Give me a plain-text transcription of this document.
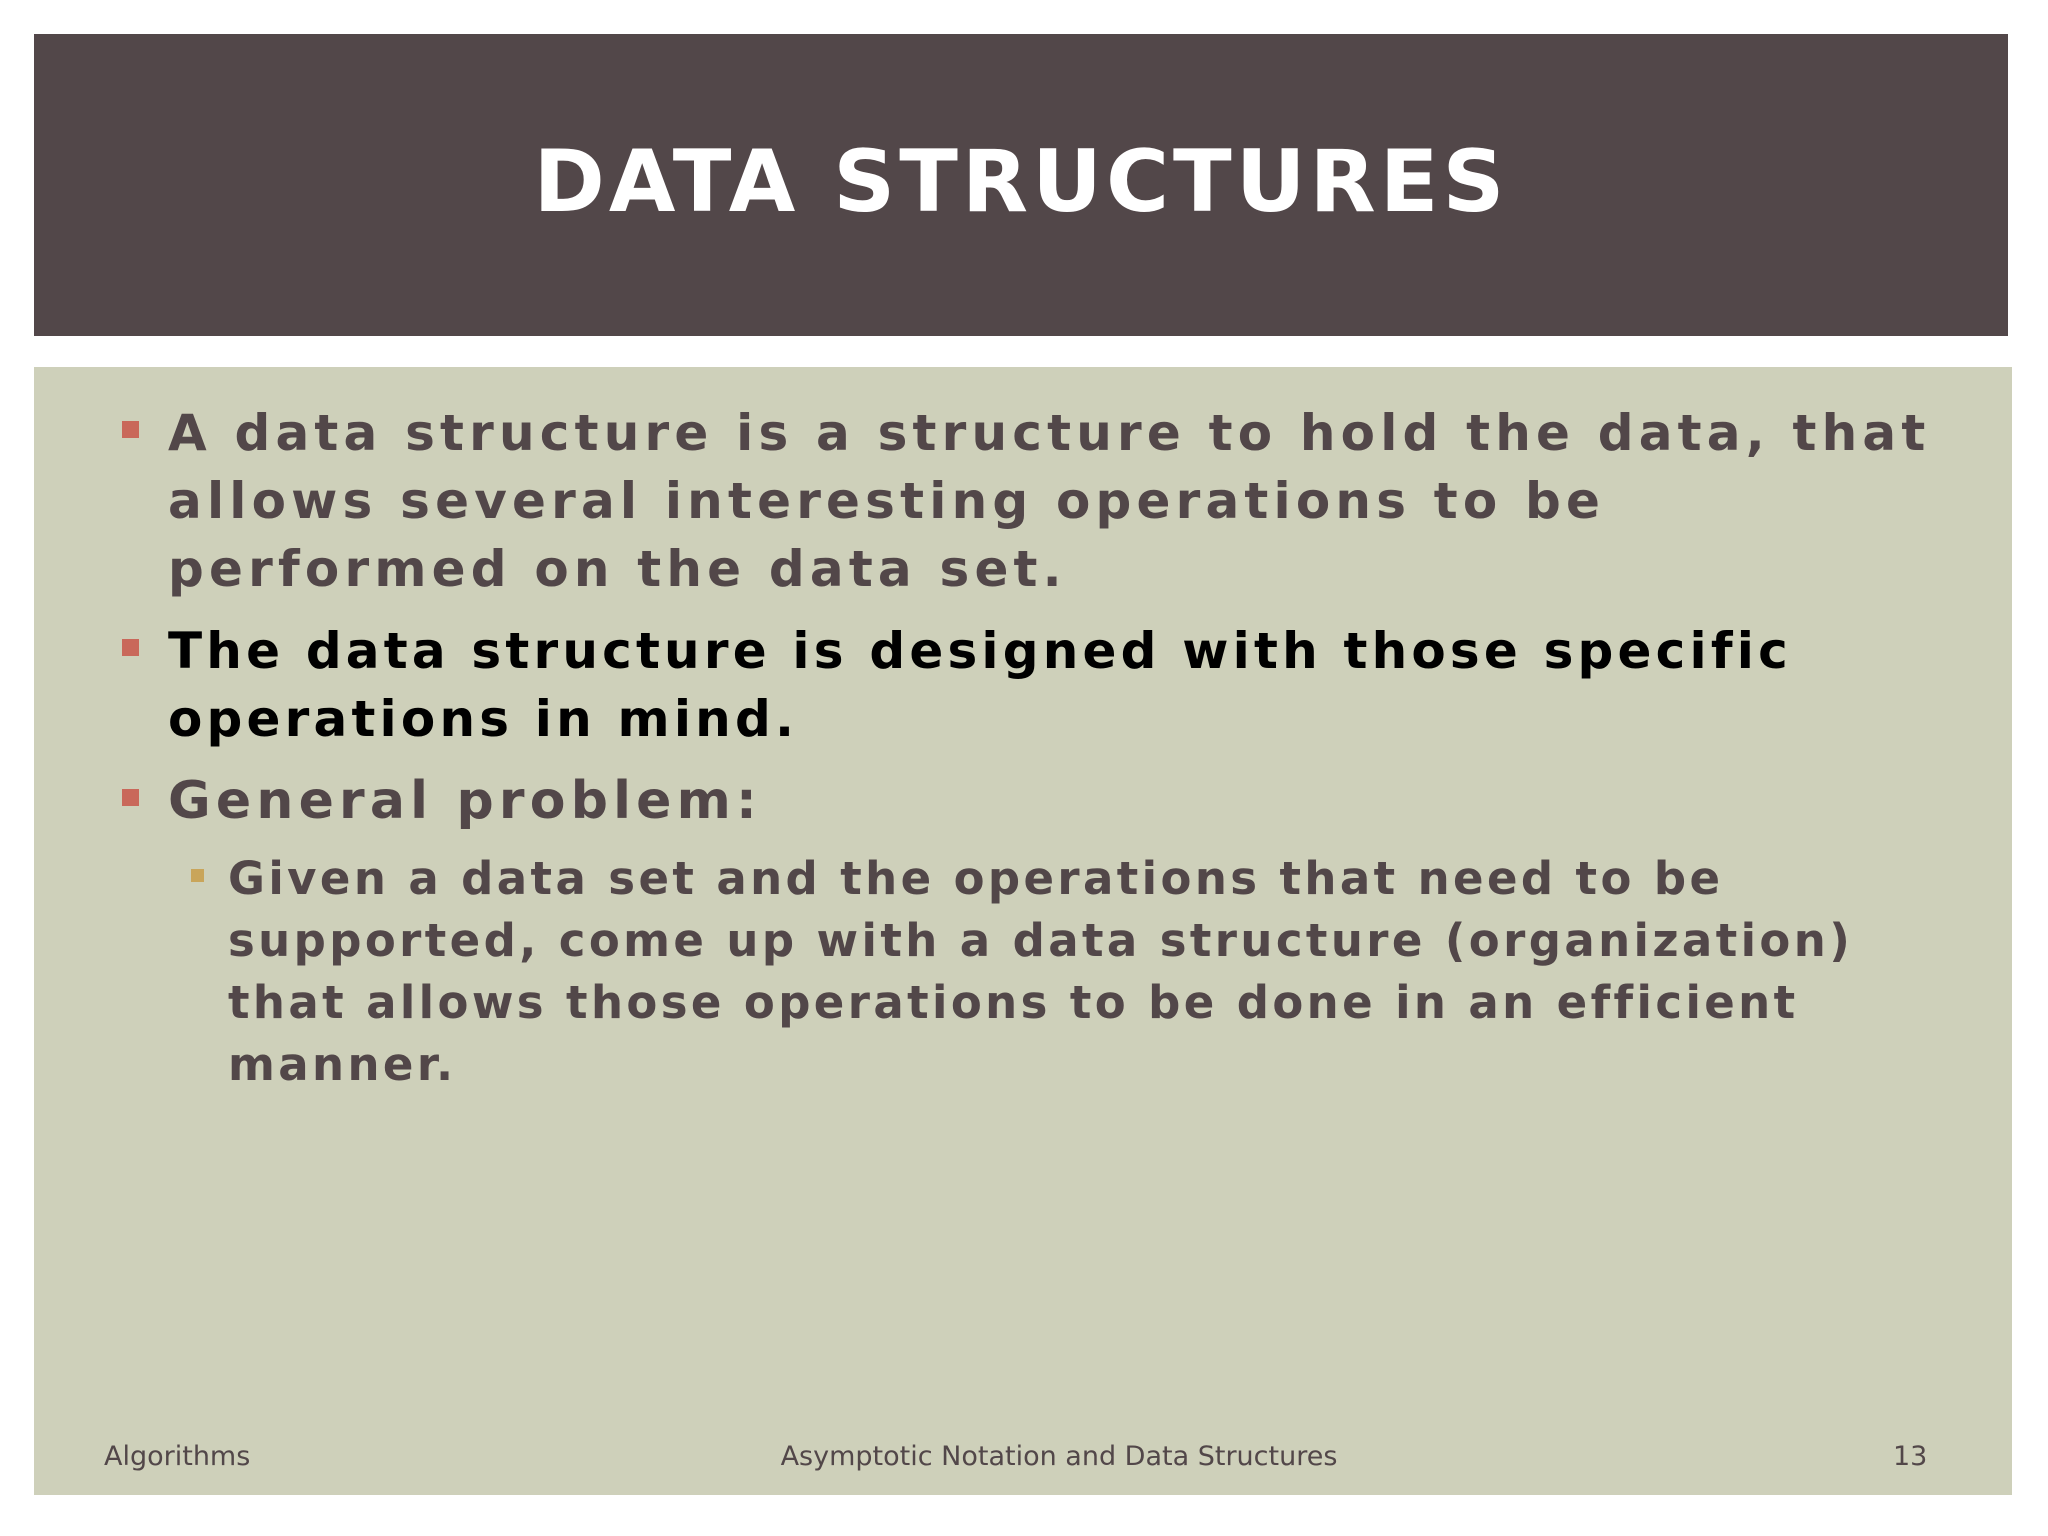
DATA STRUCTURES
A data structure is a structure to hold the data, that allows several interesting operations to be performed on the data set.
The data structure is designed with those specific operations in mind.
General problem:
Given a data set and the operations that need to be supported, come up with a data structure (organization) that allows those operations to be done in an efficient manner.
Algorithms	Asymptotic Notation and Data Structures	13
